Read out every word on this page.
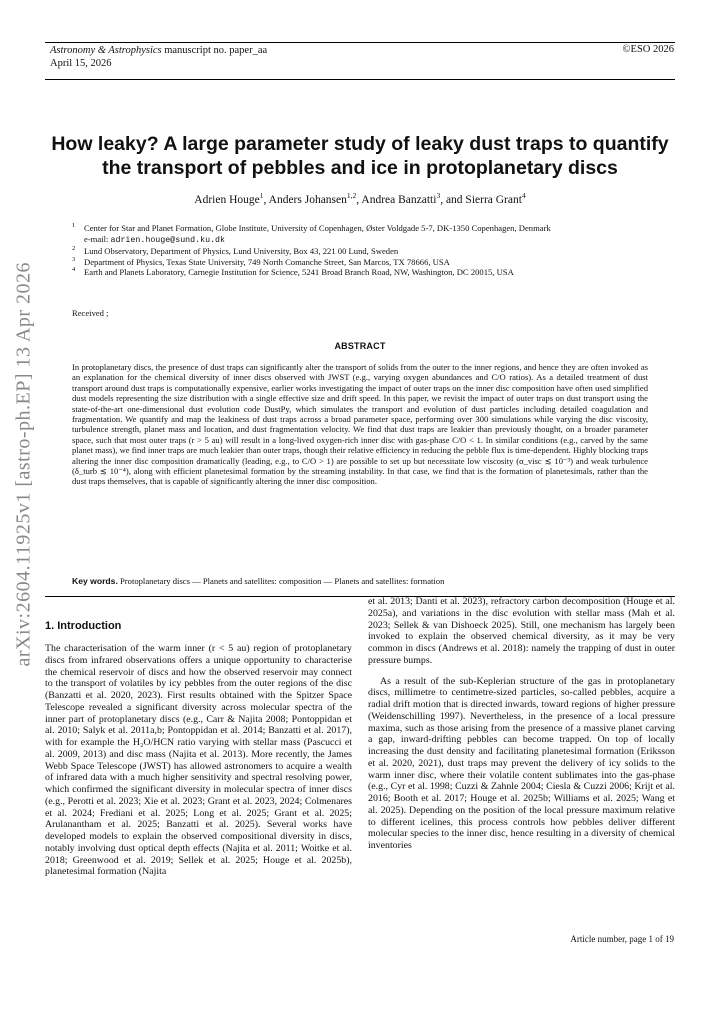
Astronomy & Astrophysics manuscript no. paper_aa
April 15, 2026
©ESO 2026
arXiv:2604.11925v1 [astro-ph.EP] 13 Apr 2026
How leaky? A large parameter study of leaky dust traps to quantify the transport of pebbles and ice in protoplanetary discs
Adrien Houge$^1$, Anders Johansen$^{1,2}$, Andrea Banzatti$^3$, and Sierra Grant$^4$
1 Center for Star and Planet Formation, Globe Institute, University of Copenhagen, Øster Voldgade 5-7, DK-1350 Copenhagen, Denmark
e-mail: adrien.houge@sund.ku.dk
2 Lund Observatory, Department of Physics, Lund University, Box 43, 221 00 Lund, Sweden
3 Department of Physics, Texas State University, 749 North Comanche Street, San Marcos, TX 78666, USA
4 Earth and Planets Laboratory, Carnegie Institution for Science, 5241 Broad Branch Road, NW, Washington, DC 20015, USA
Received ;
ABSTRACT
In protoplanetary discs, the presence of dust traps can significantly alter the transport of solids from the outer to the inner regions, and hence they are often invoked as an explanation for the chemical diversity of inner discs observed with JWST (e.g., varying oxygen abundances and C/O ratios). As a detailed treatment of dust transport around dust traps is computationally expensive, earlier works investigating the impact of outer traps on the inner disc composition have often used simplified dust models representing the size distribution with a single effective size and drift speed. In this paper, we revisit the impact of outer traps on dust transport using the state-of-the-art one-dimensional dust evolution code DustPy, which simulates the transport and evolution of dust particles including detailed coagulation and fragmentation. We quantify and map the leakiness of dust traps across a broad parameter space, performing over 300 simulations while varying the disc viscosity, turbulence strength, planet mass and location, and dust fragmentation velocity. We find that dust traps are leakier than previously thought, on a broader parameter space, such that most outer traps (r > 5 au) will result in a long-lived oxygen-rich inner disc with gas-phase C/O < 1. In similar conditions (e.g., carved by the same planet mass), we find inner traps are much leakier than outer traps, though their relative efficiency in reducing the pebble flux is time-dependent. Highly blocking traps altering the inner disc composition dramatically (leading, e.g., to C/O > 1) are possible to set up but necessitate low viscosity (α_visc ≲ 10⁻³) and weak turbulence (δ_turb ≲ 10⁻⁴), along with efficient planetesimal formation by the streaming instability. In that case, we find that is the formation of planetesimals, rather than the dust traps themselves, that is capable of significantly altering the inner disc composition.
Key words. Protoplanetary discs — Planets and satellites: composition — Planets and satellites: formation
1. Introduction
The characterisation of the warm inner (r < 5 au) region of protoplanetary discs from infrared observations offers a unique opportunity to characterise the chemical reservoir of discs and how the observed reservoir may connect to the transport of volatiles by icy pebbles from the outer regions of the disc (Banzatti et al. 2020, 2023). First results obtained with the Spitzer Space Telescope revealed a significant diversity across molecular spectra of the inner part of protoplanetary discs (e.g., Carr & Najita 2008; Pontoppidan et al. 2010; Salyk et al. 2011a,b; Pontoppidan et al. 2014; Banzatti et al. 2017), with for example the H₂O/HCN ratio varying with stellar mass (Pascucci et al. 2009, 2013) and disc mass (Najita et al. 2013). More recently, the James Webb Space Telescope (JWST) has allowed astronomers to acquire a wealth of infrared data with a much higher sensitivity and spectral resolving power, which confirmed the significant diversity in molecular spectra of inner discs (e.g., Perotti et al. 2023; Xie et al. 2023; Grant et al. 2023, 2024; Colmenares et al. 2024; Frediani et al. 2025; Long et al. 2025; Grant et al. 2025; Arulanantham et al. 2025; Banzatti et al. 2025). Several works have developed models to explain the observed compositional diversity in discs, notably involving dust optical depth effects (Najita et al. 2011; Woitke et al. 2018; Greenwood et al. 2019; Sellek et al. 2025; Houge et al. 2025b), planetesimal formation (Najita
et al. 2013; Danti et al. 2023), refractory carbon decomposition (Houge et al. 2025a), and variations in the disc evolution with stellar mass (Mah et al. 2023; Sellek & van Dishoeck 2025). Still, one mechanism has largely been invoked to explain the observed chemical diversity, as it may be very common in discs (Andrews et al. 2018): namely the trapping of dust in outer pressure bumps.
As a result of the sub-Keplerian structure of the gas in protoplanetary discs, millimetre to centimetre-sized particles, so-called pebbles, acquire a radial drift motion that is directed inwards, toward regions of higher pressure (Weidenschilling 1997). Nevertheless, in the presence of a local pressure maxima, such as those arising from the presence of a massive planet carving a gap, inward-drifting pebbles can become trapped. On top of locally increasing the dust density and facilitating planetesimal formation (Eriksson et al. 2020, 2021), dust traps may prevent the delivery of icy solids to the warm inner disc, where their volatile content sublimates into the gas-phase (e.g., Cyr et al. 1998; Cuzzi & Zahnle 2004; Ciesla & Cuzzi 2006; Krijt et al. 2016; Booth et al. 2017; Houge et al. 2025b; Williams et al. 2025; Wang et al. 2025). Depending on the position of the local pressure maximum relative to different icelines, this process controls how pebbles deliver different molecular species to the inner disc, hence resulting in a diversity of chemical inventories
Article number, page 1 of 19
